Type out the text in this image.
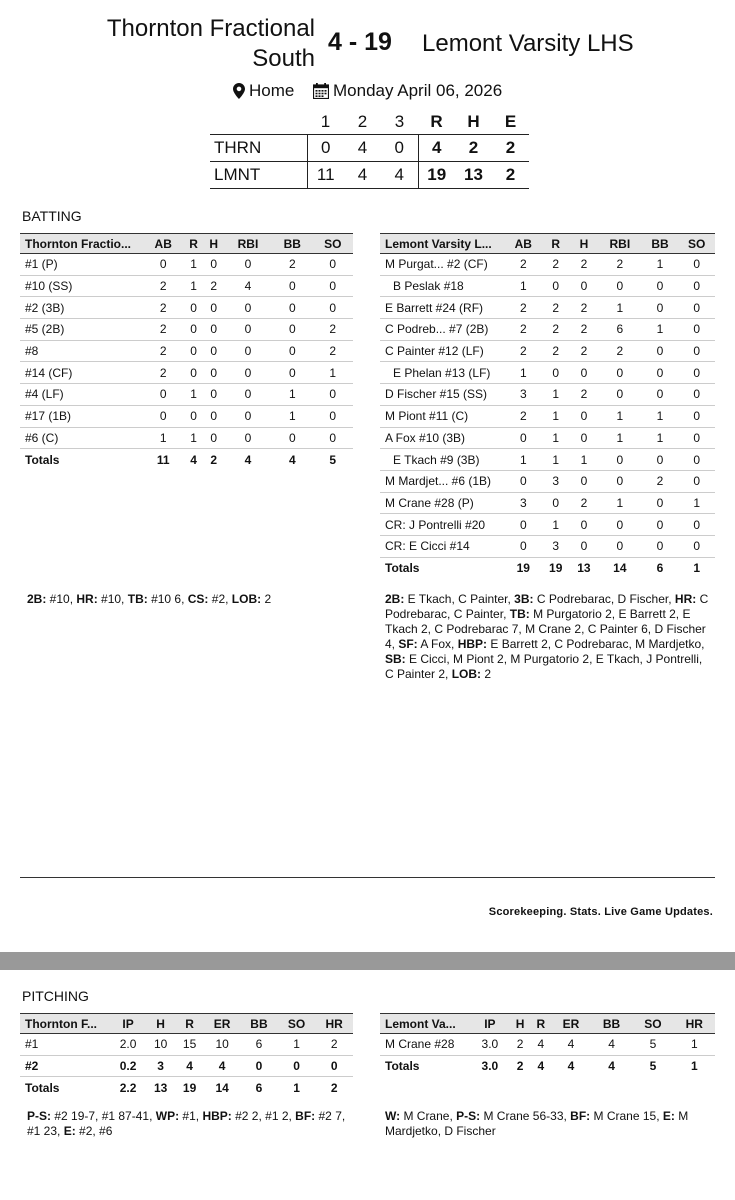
Thornton Fractional South
4 - 19 Lemont Varsity LHS
Home Monday April 06, 2026
	1	2	3	R	H	E
THRN	0	4	0	4	2	2
LMNT	11	4	4	19	13	2
BATTING
Thornton Fractio...	AB	R	H	RBI	BB	SO
#1 (P)	0	1	0	0	2	0
#10 (SS)	2	1	2	4	0	0
#2 (3B)	2	0	0	0	0	0
#5 (2B)	2	0	0	0	0	2
#8	2	0	0	0	0	2
#14 (CF)	2	0	0	0	0	1
#4 (LF)	0	1	0	0	1	0
#17 (1B)	0	0	0	0	1	0
#6 (C)	1	1	0	0	0	0
Totals	11	4	2	4	4	5
Lemont Varsity L...	AB	R	H	RBI	BB	SO
M Purgat... #2 (CF)	2	2	2	2	1	0
B Peslak #18	1	0	0	0	0	0
E Barrett #24 (RF)	2	2	2	1	0	0
C Podreb... #7 (2B)	2	2	2	6	1	0
C Painter #12 (LF)	2	2	2	2	0	0
E Phelan #13 (LF)	1	0	0	0	0	0
D Fischer #15 (SS)	3	1	2	0	0	0
M Piont #11 (C)	2	1	0	1	1	0
A Fox #10 (3B)	0	1	0	1	1	0
E Tkach #9 (3B)	1	1	1	0	0	0
M Mardjet... #6 (1B)	0	3	0	0	2	0
M Crane #28 (P)	3	0	2	1	0	1
CR: J Pontrelli #20	0	1	0	0	0	0
CR: E Cicci #14	0	3	0	0	0	0
Totals	19	19	13	14	6	1
2B: #10, HR: #10, TB: #10 6, CS: #2, LOB: 2	2B: E Tkach, C Painter, 3B: C Podrebarac, D Fischer, HR: C Podrebarac, C Painter, TB: M Purgatorio 2, E Barrett 2, E Tkach 2, C Podrebarac 7, M Crane 2, C Painter 6, D Fischer 4, SF: A Fox, HBP: E Barrett 2, C Podrebarac, M Mardjetko, SB: E Cicci, M Piont 2, M Purgatorio 2, E Tkach, J Pontrelli, C Painter 2, LOB: 2
Scorekeeping. Stats. Live Game Updates.
PITCHING
Thornton F...	IP	H	R	ER	BB	SO	HR
#1	2.0	10	15	10	6	1	2
#2	0.2	3	4	4	0	0	0
Totals	2.2	13	19	14	6	1	2
Lemont Va...	IP	H	R	ER	BB	SO	HR
M Crane #28	3.0	2	4	4	4	5	1
Totals	3.0	2	4	4	4	5	1
P-S: #2 19-7, #1 87-41, WP: #1, HBP: #2 2, #1 2, BF: #2 7, #1 23, E: #2, #6
W: M Crane, P-S: M Crane 56-33, BF: M Crane 15, E: M Mardjetko, D Fischer
